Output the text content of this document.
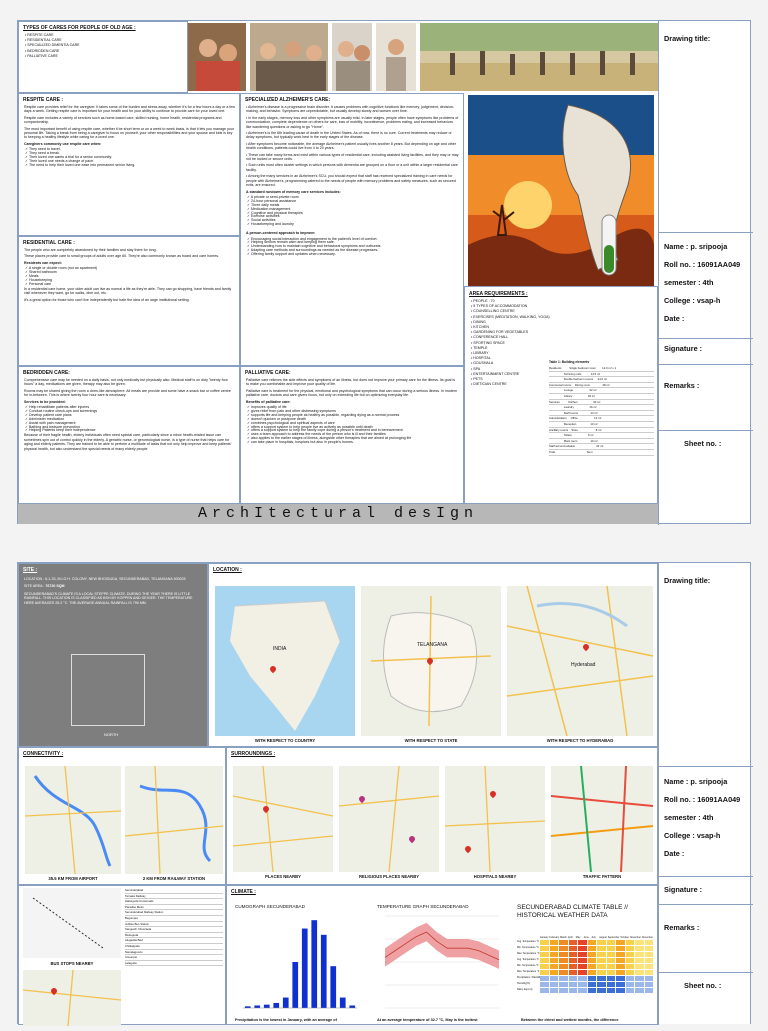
TYPES OF CARES FOR PEOPLE OF OLD AGE :
• RESPITE CARE
• RESIDENTIAL CARE
• SPECIALIZED DIMENTIA CARE
• BEDRIDDEN CARE
• PALLIATIVE CARE
RESPITE CARE :
Respite care provides relief for the caregiver. It takes some of the burden and stress away, whether it's for a few hours a day or a few days a week. Getting respite care is important for your health and for your ability to continue to provide care for your loved one.
Respite care includes a variety of services such as home-based care, skilled nursing, home health, residential programs and companionship.
The most important benefit of using respite care, whether it be short term or on a week to week basis, is that it lets you manage your personal life. Taking a break from being a caregiver to focus on yourself, your other responsibilities and your spouse and kids is key to keeping a healthy lifestyle while caring for a loved one.
Caregivers commonly use respite care when:
✓ They need to travel.
✓ They need a break.
✓ Their loved one wants a trial for a senior community.
✓ Their loved one needs a change of pace.
✓ The need to help their loved one ease into permanent senior living.
RESIDENTIAL CARE :
The people who are completely abandoned by their families and stay there for long.
These places provide care to small groups of adults over age 60. They're also commonly known as board and care homes.
Residents can expect:
✓ A single or double room (not an apartment)
✓ Shared bathroom
✓ Meals
✓ Housekeeping
✓ Personal care
In a residential care home, your older adult can live as normal a life as they're able. They can go shopping, have friends and family visit whenever they want, go for walks, dine out, etc.
It's a great option for those who can't live independently but hate the idea of an large institutional setting.
BEDRIDDEN CARE:
Comprehensive care may be needed on a daily basis, not only medically but physically also. Medical staff is on duty "twenty four hours" a day, medications are given, therapy may also be given.
Rooms may be shared giving the room a dorm-like atmosphere. All meals are provide and some have a snack bar or coffee centre for in-between. This is where twenty four hour care is necessary.
Services to be provided:
✓ Help rehabilitate patients after injuries
✓ Conduct routine check-ups and screenings
✓ Develop patient care plans
✓ Administer medication
✓ Assist with pain management
✓ Bathing and bedsore prevention
✓ Helping Patients keep their independence
Because of their fragile health, elderly individuals often need special care, particularly since a minor health-related issue can sometimes spin out of control quickly in the elderly. A geriatric nurse, or gerontological nurse, is a type of nurse that helps care for aging and elderly patients. They are trained to be able to perform a multitude of tasks that not only help improve and keep patients' physical health, but also understand the special needs of many elderly people
SPECIALIZED ALZHEIMER'S CARE:
• Alzheimer's disease is a progressive brain disorder. It causes problems with cognitive functions like memory, judgement, decision-making, and behavior. Symptoms are unpredictable, but usually develop slowly and worsen over time.
• In the early stages, memory loss and other symptoms are usually mild. In later stages, people often have symptoms like problems of communication, complete dependence on others for care, loss of mobility, incontinence, problems eating, and increased behaviors like wandering questions or asking to go "Home".
• Alzheimer's is the 6th leading cause of death in the United States. As of now, there is no cure. Current treatments may reduce or delay symptoms, but typically work best in the early stages of the disease.
• After symptoms become noticeable, the average Alzheimer's patient usually lives another 8 years. But depending on age and other health conditions, patients could live from 4 to 20 years.
• These can take many forms and exist within various types of residential care, including assisted living facilities, and they may or may not be locked or secure units.
• Such units most often cluster settings in which persons with dementia are grouped on a floor or a unit within a larger residential care facility.
• Among the many services in an Alzheimer's SCU, you should expect that staff has received specialized training in care needs for people with Alzheimer's, programming catered to the needs of people with memory problems and safety measures, such as secured exits, are ensured.
A standard rundown of memory care services includes:
✓ A private or semi-private room
✓ 24-hour personal assistance
✓ Three daily meals
✓ Medication management
✓ Cognitive and physical therapies
✓ Exercise activities
✓ Social activities
✓ Housekeeping and laundry
A person-centered approach to improve:
✓ Encouraging social interaction and engagement to the patient's level of comfort.
✓ Helping seniors remain calm and keeping them safe.
✓ Understanding how to maintain cognitive and behavioral symptoms and outbursts.
✓ Adapting care methods and surroundings as needed as the disease progresses.
✓ Offering family support and updates when necessary.
AREA REQUIREMENTS :
• PEOPLE : 70
• 5 TYPES OF ACCOMMODATION
• COUNSELLING CENTRE
• EXERCISES (MEDITATION, WALKING, YOGA)
• DINING
• KITCHEN
• GARDENING FOR VEGETABLES
• CONFERENCE HALL
• SPORTING SPACE
• TEMPLE
• LIBRARY
• HOSPITAL
• GOUSHALA
• SPA
• ENTERTAINMENT CENTRE
• PETS
• DIETICIAN CENTRE
Table 1: Building elements
Residents          Single bedroom room        12.0 m² x 1
Twinning units            14.5 m²
Double bedroom rooms      24.0 m²
Communal rooms     Dining room                48 m²
Lounge                     32 m²
Library                    18 m²
Services           Kitchen                    40 m²
Laundry                    16 m²
Staff rooms                14 m²
Administration     Office                     12 m²
Reception                  10 m²
Ancillary rooms    Store                       8 m²
Toilets                     6 m²
Plant room                 10 m²
Staff accommodation                           24 m²
Total                                         Sum
PALLIATIVE CARE:
Palliative care relieves the side effects and symptoms of an illness, but does not improve your primary care for the illness. Its goal is to make you comfortable and improve your quality of life.
Palliative care is treatment for the physical, emotional and psychological symptoms that can occur during a serious illness. In modern palliative care, doctors and care givers focus, not only on extending life but on optimizing everyday life.
Benefits of palliative care:
✓ improves quality of life
✓ gives relief from pain and other distressing symptoms
✓ supports life and keeping people as healthy as possible, regarding dying as a normal process
✓ doesn't quicken or postpone death
✓ combines psychological and spiritual aspects of care
✓ offers a support system to help people live as actively as possible until death
✓ offers a support system to help the family cope during a person's treatment and in bereavement
✓ uses a team approach to address the needs of the person who is ill and their families
✓ also applies to the earlier stages of illness, alongside other therapies that are aimed at prolonging life
✓ can take place in hospitals, hospices but also in people's homes.
ArchItectural desIgn
Drawing title:
Name : p. sripooja
Roll no. : 16091AA049
semester : 4th
College : vsap-h
Date :
Signature :
Remarks :
Sheet no. :
SITE :
LOCATION : 6-1-33, M.I.G.H. COLONY, NEW BHOIGUDA, SECUNDERABAD, TELANGANA 500025
SITE AREA : 76720 SQM
SECUNDERABAD'S CLIMATE IS A LOCAL STEPPE CLIMATE. DURING THE YEAR THERE IS LITTLE RAINFALL. THIS LOCATION IS CLASSIFIED AS BSH BY KOPPEN AND GEIGER. THE TEMPERATURE HERE AVERAGES 26.2 °C. THE AVERAGE ANNUAL RAINFALL IS 790 MM.
NORTH
LOCATION :
INDIA
TELANGANA
Hyderabad
WITH RESPECT TO COUNTRY	WITH RESPECT TO STATE	WITH RESPECT TO HYDERABAD
CONNECTIVITY :
35.5 KM FROM AIRPORT	2 KM FROM RAILWAY STATION
SURROUNDINGS :
PLACES NEARBY	RELIGIOUS PLACES NEARBY	HOSPITALS NEARBY	TRAFFIC PATTERN
BUS STOPS NEARBY
Secunderabad
Tarnaka Railway
Habsiguda Crossroads
Paradise Metro
Secunderabad Railway Station
Begumpet
Jubilee Bus Station
Sangeeth Chowrasta
Mettuguda
Alugadda Bavi
Chilkalguda
Namalagundu
Ameerpet
Lalaguda
CLIMATE :
CUMOGRAPH SECUNDERABAD
Precipitation is the lowest in January, with an average of
TEMPERATURE GRAPH SECUNDERABAD
At an average temperature of 32.7 °C, May is the hottest
SECUNDERABAD CLIMATE TABLE // HISTORICAL WEATHER DATA
January February March April	May	June	July	August September October November December
Avg. Temperature °C
Min. Temperature °C
Max. Temperature °C
Avg. Temperature °F
Min. Temperature °F
Max. Temperature °F
Precipitation / Rainfall
Humidity(%)
Rainy days (d)
Between the driest and wettest months, the difference
Drawing title:
Name : p. sripooja
Roll no. : 16091AA049
semester : 4th
College : vsap-h
Date :
Signature :
Remarks :
Sheet no. :
